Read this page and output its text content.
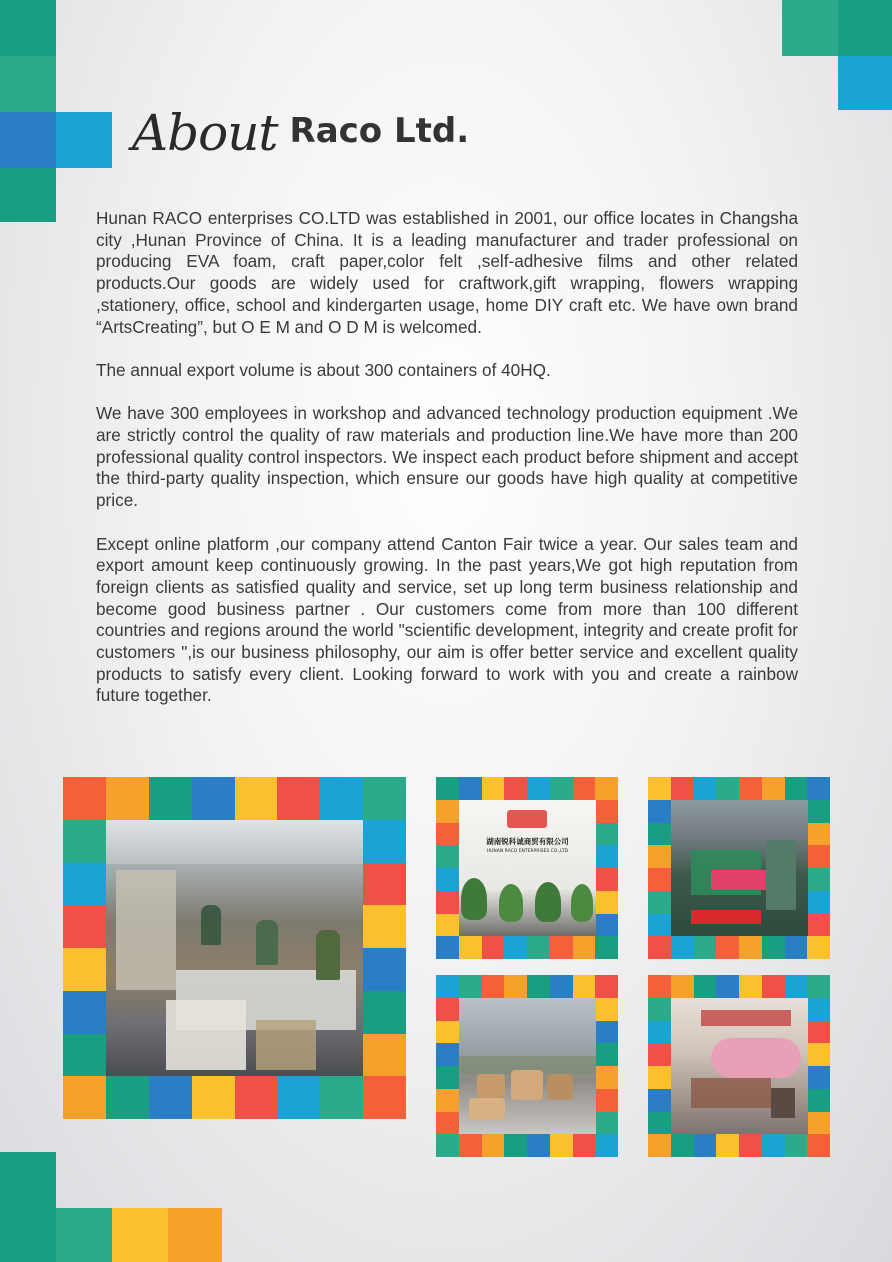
About Raco Ltd.

Hunan RACO enterprises CO.LTD was established in 2001, our office locates in Changsha city ,Hunan Province of China. It is a leading manufacturer and trader professional on producing EVA foam, craft paper,color felt ,self-adhesive films and other related products.Our goods are widely used for craftwork,gift wrapping, flowers wrapping ,stationery, office, school and kindergarten usage, home DIY craft etc. We have own brand “ArtsCreating”, but O E M and O D M is welcomed.

The annual export volume is about 300 containers of 40HQ.

We have 300 employees in workshop and advanced technology production equipment .We are strictly control the quality of raw materials and production line.We have more than 200 professional quality control inspectors. We inspect each product before shipment and accept the third-party quality inspection, which ensure our goods have high quality at competitive price.

Except online platform ,our company attend Canton Fair twice a year. Our sales team and export amount keep continuously growing. In the past years,We got high reputation from foreign clients as satisfied quality and service, set up long term business relationship and become good business partner . Our customers come from more than 100 different countries and regions around the world "scientific development, integrity and create profit for customers ",is our business philosophy, our aim is offer better service and excellent quality products to satisfy every client. Looking forward to work with you and create a rainbow future together.

湖南锐科诚商贸有限公司
HUNAN RACO ENTERPRISES CO.,LTD
